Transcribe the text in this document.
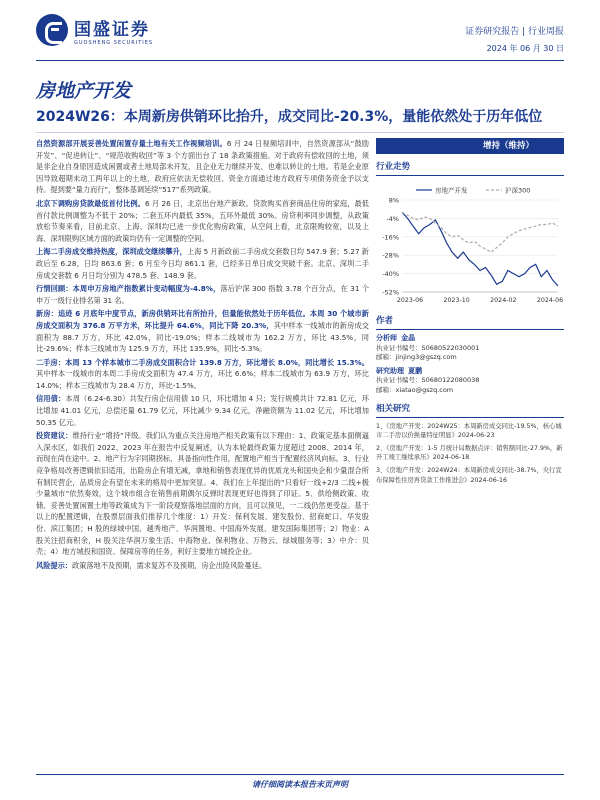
国盛证券
GUOSHENG SECURITIES
证券研究报告 | 行业周报
2024 年 06 月 30 日
房地产开发
2024W26：本周新房供销环比抬升，成交同比-20.3%，量能依然处于历年低位
自然资源部开展妥善处置闲置存量土地有关工作视频培训。6 月 24 日视频培训中，自然资源部从“鼓励开发”、“促进转让”、“规范收购收回”等 3 个方面出台了 18 条政策措施。对于政府有偿收回的土地，须是非企业自身原因造成闲置或者土地局部未开发，且企业无力继续开发、也难以转让的土地。若是企业原因导致超期未动工两年以上的土地，政府应依法无偿收回、资金方面通过地方政府专项债务资金予以支持。提到要“量力而行”，整体基调延续“517”系列政策。
北京下调购房贷款最低首付比例。6 月 26 日，北京出台地产新政。贷款购买首套商品住房的家庭，最低首付款比例调整为不低于 20%；二套五环内最低 35%，五环外最低 30%。房贷利率同步调整，从政策放松节奏来看，目前北京、上海、深圳均已进一步优化购房政策，从空间上看，北京限购较宽，以及上海、深圳限购区域方面的政策均仍有一定调整的空间。
上海二手房成交维持热度，深圳成交继续攀升，上海 5 月新政前二手房成交套数日均 547.9 套；5.27 新政后至 6.28，日均 863.6 套；6 月至今日均 861.1 套，已经多日单日成交突破千套。北京、深圳二手房成交套数 6 月日均分别为 478.5 套、148.9 套。
行情回顾：本周申万房地产指数累计变动幅度为-4.8%，落后沪深 300 指数 3.78 个百分点，在 31 个申万一级行业排名第 31 名。
新房：追迹 6 月底年中度节点，新房供销环比有所抬升，但量能依然处于历年低位。本周 30 个城市新房成交面积为 376.8 万平方米，环比提升 64.6%，同比下降 20.3%，其中样本一线城市的新房成交面积为 88.7 万方，环比 42.0%，同比-19.0%；样本二线城市为 162.2 万方，环比 43.5%，同比-29.6%；样本三线城市为 125.9 万方，环比 135.9%，同比-5.3%。
二手房：本周 13 个样本城市二手房成交面积合计 139.8 万方，环比增长 8.0%，同比增长 15.3%。其中样本一线城市的本周二手房成交面积为 47.4 万方，环比 6.6%；样本二线城市为 63.9 万方，环比 14.0%；样本三线城市为 28.4 万方，环比-1.5%。
信用债：本周（6.24-6.30）共发行房企信用债 10 只，环比增加 4 只；发行规模共计 72.81 亿元，环比增加 41.01 亿元，总偿还量 61.79 亿元，环比减少 9.34 亿元，净融资额为 11.02 亿元，环比增加 50.35 亿元。
投资建议：维持行业“增持”评级。我们认为重点关注房地产相关政策有以下理由：1、政策定基本面侧逼入深水区，如我们 2022、2023 年在报告中反复阐述，认为本轮最终政策力度超过 2008、2014 年，而现在尚在途中。2、地产行为字同期拐标，具备指向性作用，配置地产相当于配置经济风向标。3、行业竞争格局改善逻辑依旧适用，出险房企有增无减，拿地和销售表现优异的优质龙头和国央企和少量混合所有制民营企，品质房企有望在未来的格局中更加突显。4、我们在上年提出的“只看好一线+2/3 二线+极少量城市”依然奏效，这个城市组合在销售前期偶尔反弹时表现更好也得到了印证。5、供给侧政策、收储、妥善处置闲置土地等政策成为下一阶段观察落地层面的方向，且可以预见，一二线仍然更受益。基于以上的配置逻辑，在股票层面我们推荐几个维度：1）开发：保利发展、建发股份、招商蛇口、华发股份、滨江集团；H 股的绿城中国、越秀地产、华润置地、中国海外发展、建发国际集团等；2）物业：A 股关注招商积余，H 股关注华润万象生活、中海物业、保利物业、万物云、绿城服务等；3）中介：贝壳；4）地方城投和国资、保障房等的任务，利好主要地方城投企业。
风险提示：政策落地不及预期，需求复苏不及预期，房企出险风险蔓延。
增持（维持）
行业走势
8%
-4%
-16%
-28%
-40%
-52%
2023-06	2023-10	2024-02	2024-06
房地产开发	沪深300
作者
分析师 金晶
执业证书编号：S0680522030001
邮箱：jinjing3@gszq.com
研究助理 夏鹏
执业证书编号：S0680122080038
邮箱：xiatao@gszq.com
相关研究
1、《房地产开发：2024W25：本周新房成交同比-19.5%，核心城市二手房以价换量特征明显》2024-06-23
2、《房地产开发：1-5 月统计局数据点评：销售额同比-27.9%，新开工竣工继续承压》2024-06-18
3、《房地产开发：2024W24：本周新房成交同比-38.7%，央行宣布保障性住房再贷款工作推进会》2024-06-16
请仔细阅读本报告末页声明
